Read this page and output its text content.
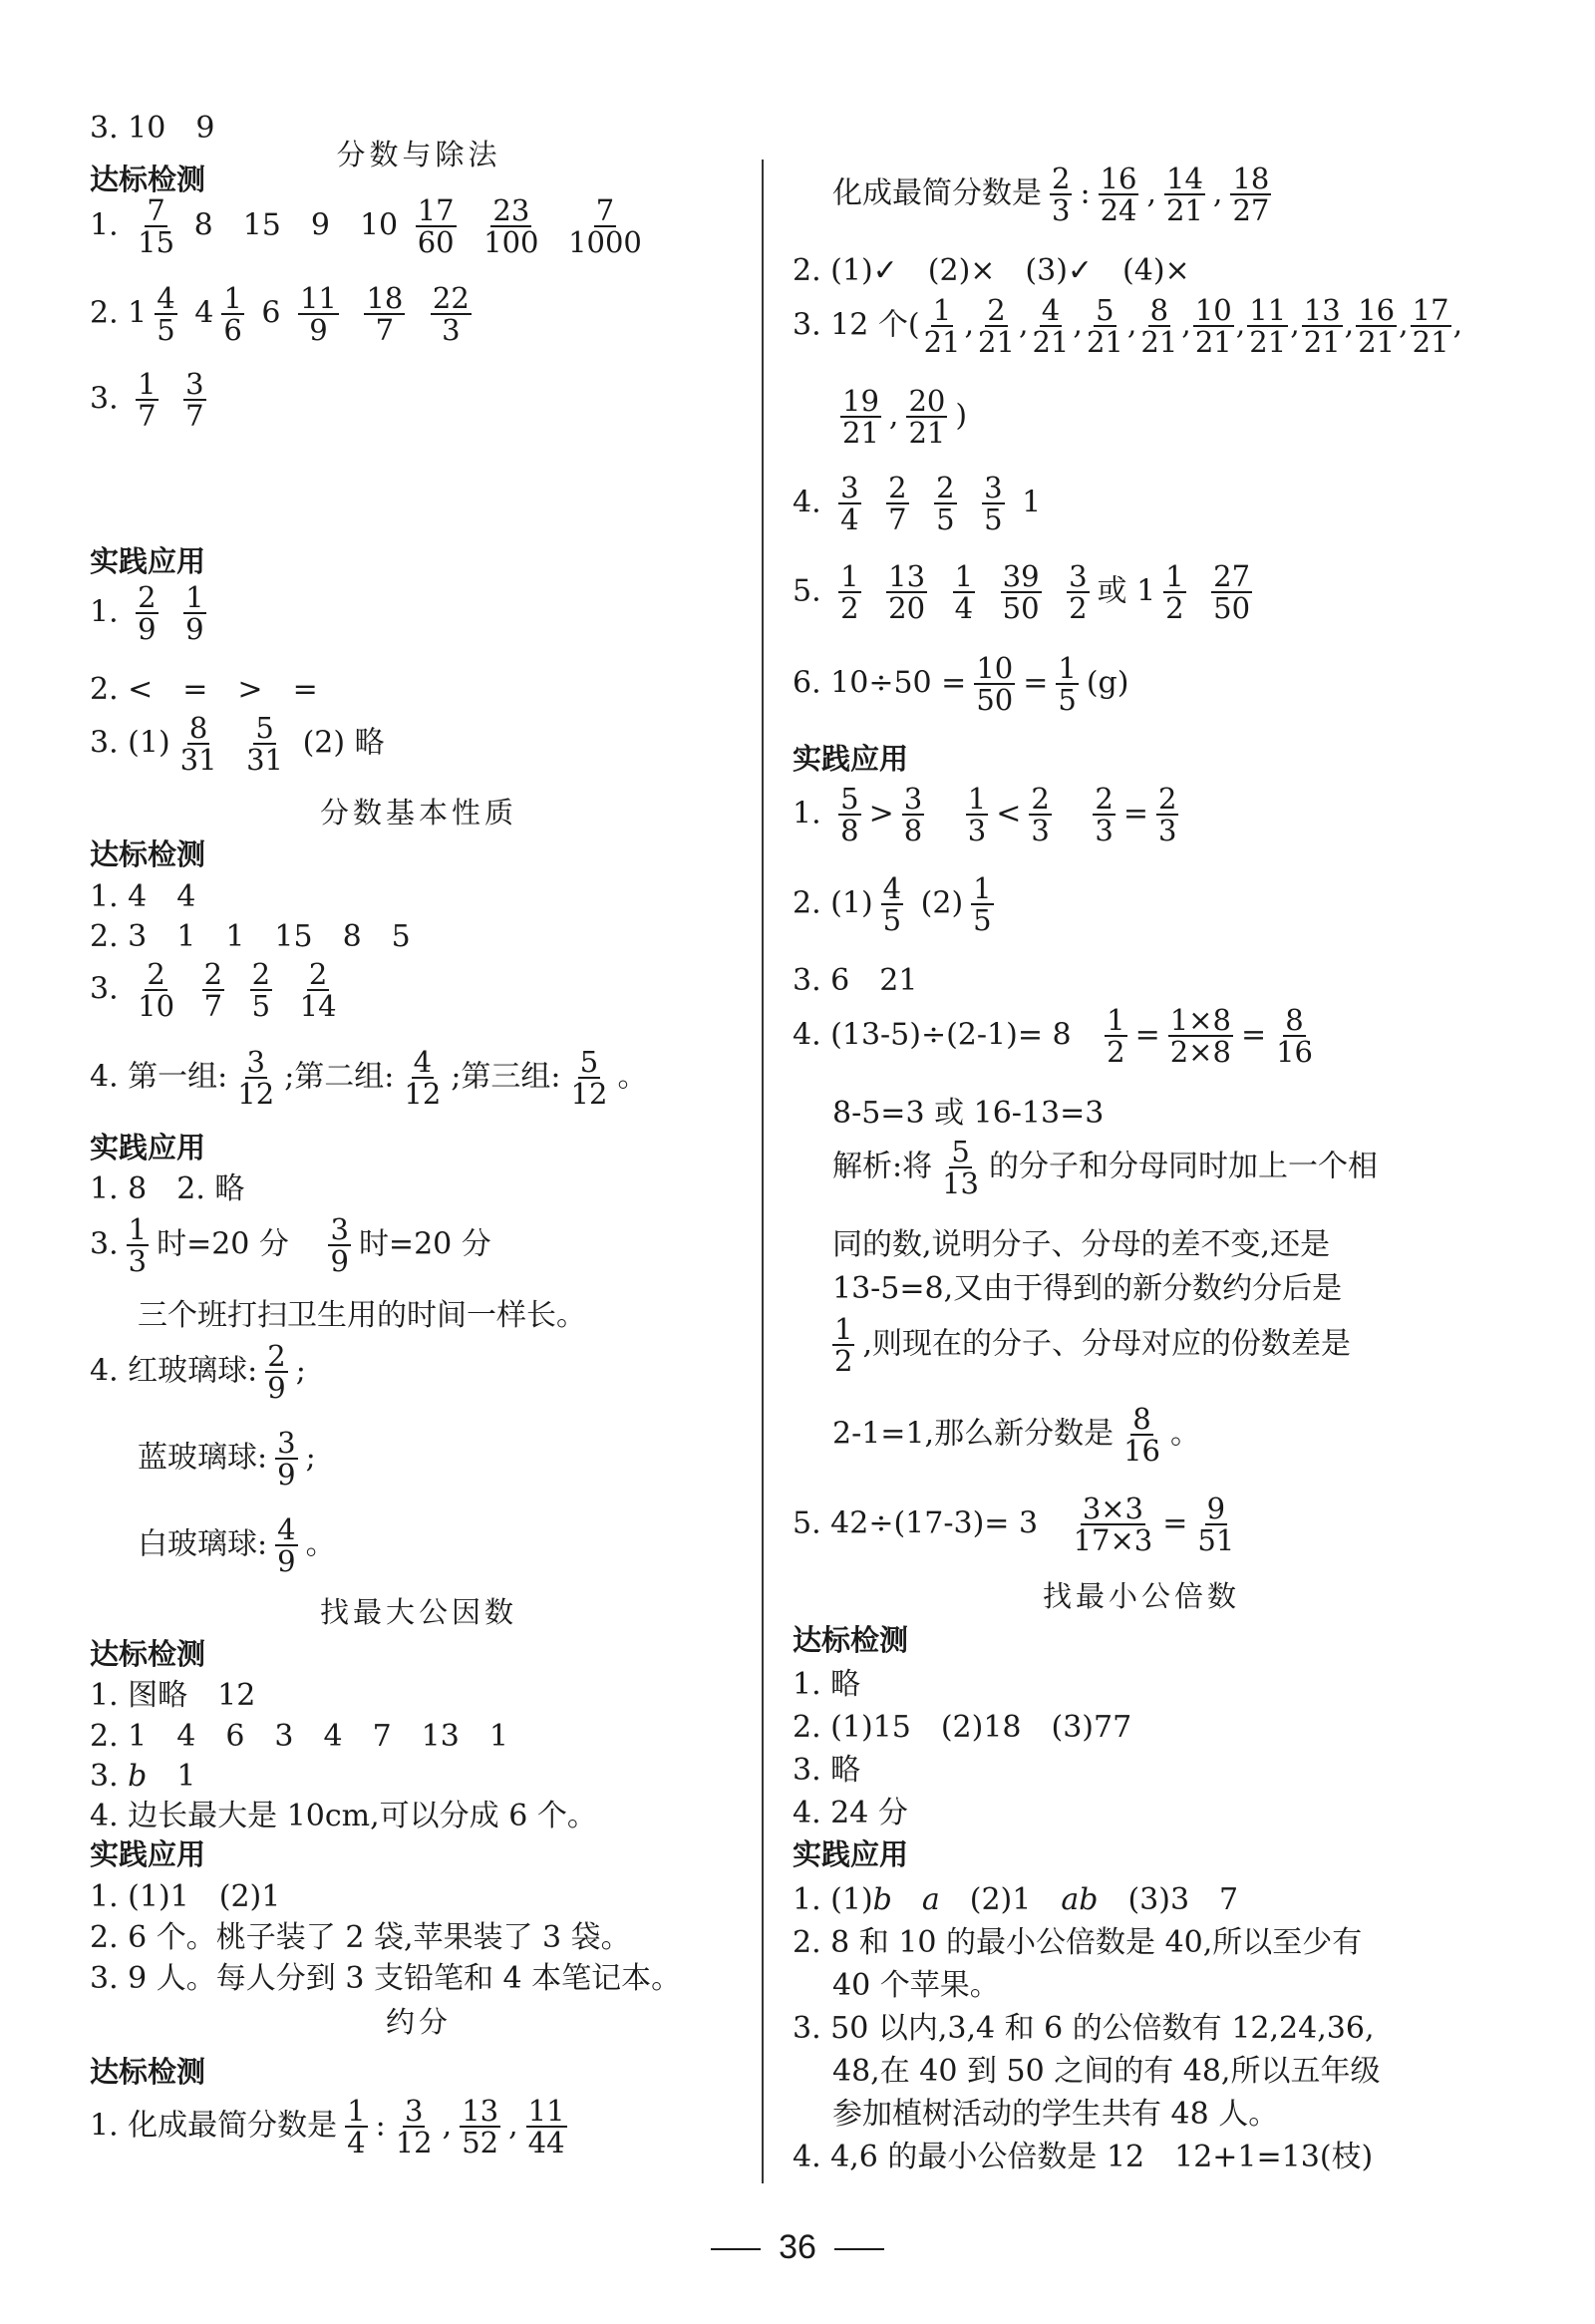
3. 10　9
分数与除法
达标检测
1. $\frac{7}{15} 8$　15　9　$10 \frac{17}{60}$
$\frac{23}{100}$
$\frac{7}{1000}$
2. $1 \frac{4}{5} 4 \frac{1}{6} 6 \frac{11}{9}$
$\frac{18}{7}$
$\frac{22}{3}$
3. $\frac{1}{7}$
$\frac{3}{7}$
实践应用
1. $\frac{2}{9}$
$\frac{1}{9}$
2. <　=　>　=
3. $(1) \frac{8}{31}$
$\frac{5}{31} (2)$ 略
分数基本性质
达标检测
1. 4　4
2. 3　1　1　15　8　5
3. $\frac{2}{10}$
$\frac{2}{7}$
$\frac{2}{5}$
$\frac{2}{14}$
4. 第一组: $\frac{3}{12}$ ;第二组: $\frac{4}{12}$ ;第三组: $\frac{5}{12}$ 。
实践应用
1. 8　2. 略
3. $\frac{1}{3}$ 时=20 分 $\frac{3}{9}$ 时=20 分
三个班打扫卫生用的时间一样长。
4. 红玻璃球: $\frac{2}{9}$ ;
蓝玻璃球: $\frac{3}{9}$ ;
白玻璃球: $\frac{4}{9}$ 。
找最大公因数
达标检测
1. 图略　12
2. 1　4　6　3　4　7　13　1
3. b　 1
4. 边长最大是 10cm,可以分成 6 个。
实践应用
1. (1)1　(2)1
2. 6 个。桃子装了 2 袋,苹果装了 3 袋。
3. 9 人。每人分到 3 支铅笔和 4 本笔记本。
约分
达标检测
1. 化成最简分数是 $\frac{1}{4}$ : $\frac{3}{12}$ , $\frac{13}{52}$ , $\frac{11}{44}$
化成最简分数是 $\frac{2}{3}$ : $\frac{16}{24}$ , $\frac{14}{21}$ , $\frac{18}{27}$
2. (1)✓　(2)×　(3)✓　(4)×
3. 12 个( $\frac{1}{21}$ , $\frac{2}{21}$ , $\frac{4}{21}$ , $\frac{5}{21}$ , $\frac{8}{21}$ , $\frac{10}{21}$ , $\frac{11}{21}$ , $\frac{13}{21}$ , $\frac{16}{21}$ , $\frac{17}{21}$ ,
$\frac{19}{21}$ , $\frac{20}{21}$ )
4. $\frac{3}{4}$
$\frac{2}{7}$
$\frac{2}{5}$
$\frac{3}{5} 1$
5. $\frac{1}{2}$
$\frac{13}{20}$
$\frac{1}{4}$
$\frac{39}{50}$
$\frac{3}{2}$ 或 $1 \frac{1}{2}$
$\frac{27}{50}$
6. $10\div 50 = \frac{10}{50} = \frac{1}{5} (g)$
实践应用
1. $\frac{5}{8} > \frac{3}{8}$
$\frac{1}{3} < \frac{2}{3}$
$\frac{2}{3} = \frac{2}{3}$
2. $(1) \frac{4}{5} (2) \frac{1}{5}$
3. 6　21
4. $(13-5)\div(2-1)= 8 \frac{1}{2} = \frac{1\times 8}{2\times 8} = \frac{8}{16}$
8-5=3 或 16-13=3
解析:将 $\frac{5}{13}$ 的分子和分母同时加上一个相
同的数,说明分子、分母的差不变,还是
13-5=8,又由于得到的新分数约分后是
$\frac{1}{2}$ ,则现在的分子、分母对应的份数差是
2-1=1,那么新分数是 $\frac{8}{16}$ 。
5. $42\div(17-3)= 3 \frac{3\times 3}{17\times 3} = \frac{9}{51}$
找最小公倍数
达标检测
1. 略
2. (1)15　(2)18　(3)77
3. 略
4. 24 分
实践应用
1. (1)b　 a　 (2)1　 ab　 (3)3　7
2. 8 和 10 的最小公倍数是 40,所以至少有
40 个苹果。
3. 50 以内,3,4 和 6 的公倍数有 12,24,36,
48,在 40 到 50 之间的有 48,所以五年级
参加植树活动的学生共有 48 人。
4. 4,6 的最小公倍数是 12　12+1=13(枝)
36
